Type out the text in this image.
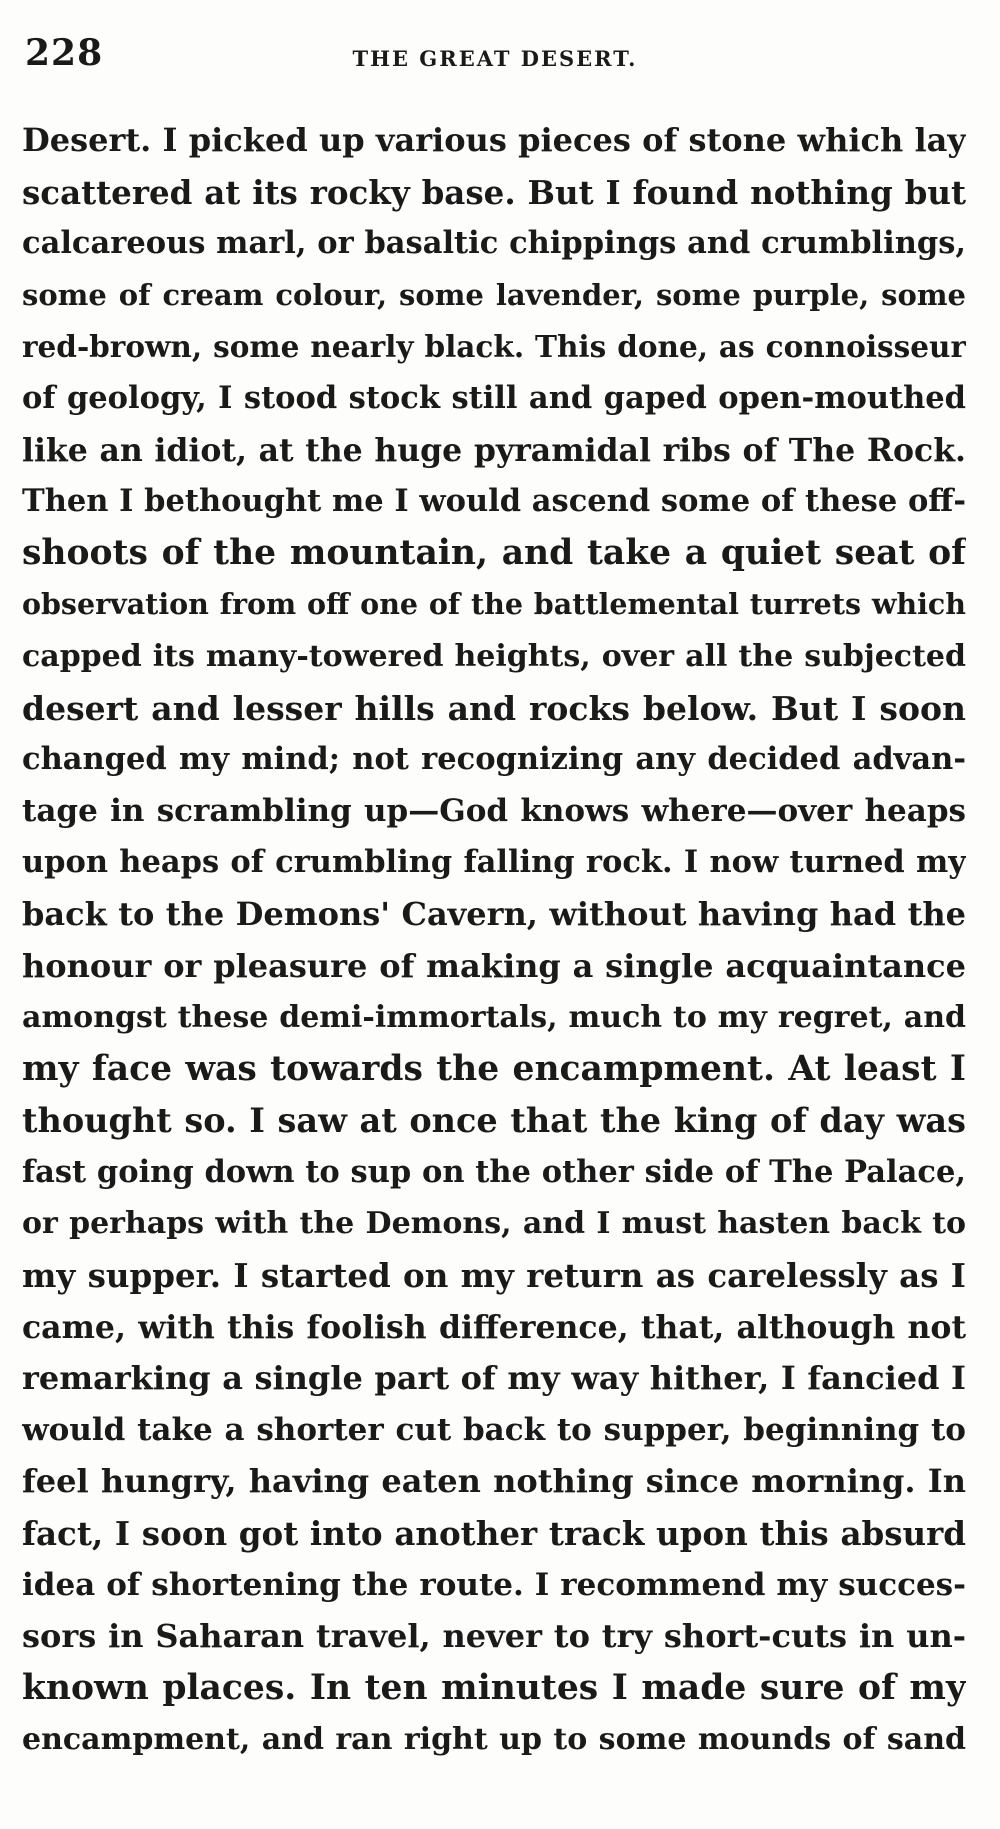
228	THE GREAT DESERT.
Desert. I picked up various pieces of stone which lay
scattered at its rocky base. But I found nothing but
calcareous marl, or basaltic chippings and crumblings,
some of cream colour, some lavender, some purple, some
red-brown, some nearly black. This done, as connoisseur
of geology, I stood stock still and gaped open-mouthed
like an idiot, at the huge pyramidal ribs of The Rock.
Then I bethought me I would ascend some of these off-
shoots of the mountain, and take a quiet seat of
observation from off one of the battlemental turrets which
capped its many-towered heights, over all the subjected
desert and lesser hills and rocks below. But I soon
changed my mind; not recognizing any decided advan-
tage in scrambling up—God knows where—over heaps
upon heaps of crumbling falling rock. I now turned my
back to the Demons' Cavern, without having had the
honour or pleasure of making a single acquaintance
amongst these demi-immortals, much to my regret, and
my face was towards the encampment. At least I
thought so. I saw at once that the king of day was
fast going down to sup on the other side of The Palace,
or perhaps with the Demons, and I must hasten back to
my supper. I started on my return as carelessly as I
came, with this foolish difference, that, although not
remarking a single part of my way hither, I fancied I
would take a shorter cut back to supper, beginning to
feel hungry, having eaten nothing since morning. In
fact, I soon got into another track upon this absurd
idea of shortening the route. I recommend my succes-
sors in Saharan travel, never to try short-cuts in un-
known places. In ten minutes I made sure of my
encampment, and ran right up to some mounds of sand
